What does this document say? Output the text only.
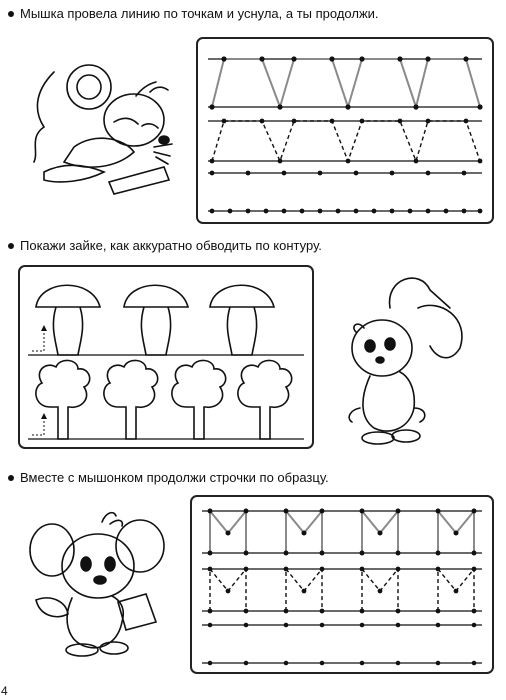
Мышка провела линию по точкам и уснула, а ты продолжи.
Покажи зайке, как аккуратно обводить по контуру.
Вместе с мышонком продолжи строчки по образцу.
4
